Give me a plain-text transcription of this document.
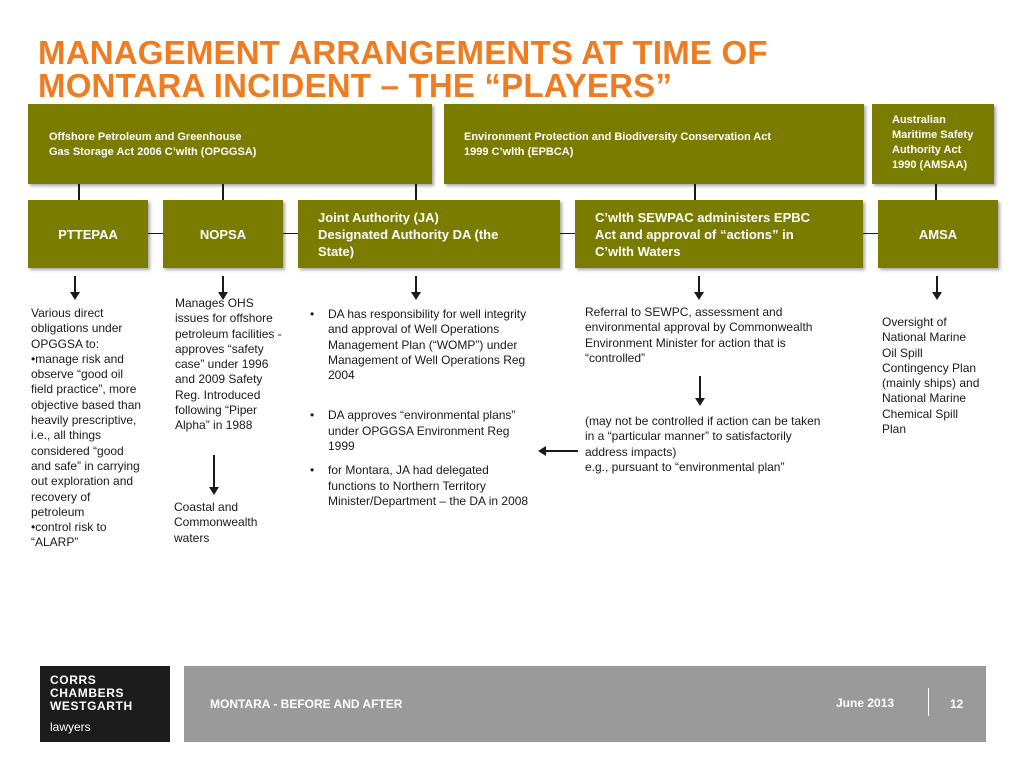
MANAGEMENT ARRANGEMENTS AT TIME OF
MONTARA INCIDENT – THE “PLAYERS”
Offshore Petroleum and Greenhouse
Gas Storage Act 2006 C’wlth (OPGGSA)
Environment Protection and Biodiversity Conservation Act
1999 C’wlth (EPBCA)
Australian
Maritime Safety
Authority Act
1990 (AMSAA)
PTTEPAA	NOPSA
Joint Authority (JA)
Designated Authority DA (the
State)
C’wlth SEWPAC administers EPBC
Act and approval of “actions” in
C’wlth Waters
AMSA
Various direct
obligations under
OPGGSA to:
•manage risk and
observe “good oil
field practice”, more
objective based than
heavily prescriptive,
i.e., all things
considered “good
and safe” in carrying
out exploration and
recovery of
petroleum
•control risk to
“ALARP”
Manages OHS
issues for offshore
petroleum facilities -
approves “safety
case” under 1996
and 2009 Safety
Reg. Introduced
following “Piper
Alpha” in 1988
Coastal and
Commonwealth
waters
• DA has responsibility for well integrity
and approval of Well Operations
Management Plan (“WOMP”) under
Management of Well Operations Reg
2004
• DA approves “environmental plans”
under OPGGSA Environment Reg
1999
• for Montara, JA had delegated
functions to Northern Territory
Minister/Department – the DA in 2008
Referral to SEWPC, assessment and
environmental approval by Commonwealth
Environment Minister for action that is
“controlled”
(may not be controlled if action can be taken
in a “particular manner” to satisfactorily
address impacts)
e.g., pursuant to “environmental plan”
Oversight of
National Marine
Oil Spill
Contingency Plan
(mainly ships) and
National Marine
Chemical Spill
Plan
CORRS
CHAMBERS
WESTGARTH
lawyers
MONTARA - BEFORE AND AFTER	June 2013	12
